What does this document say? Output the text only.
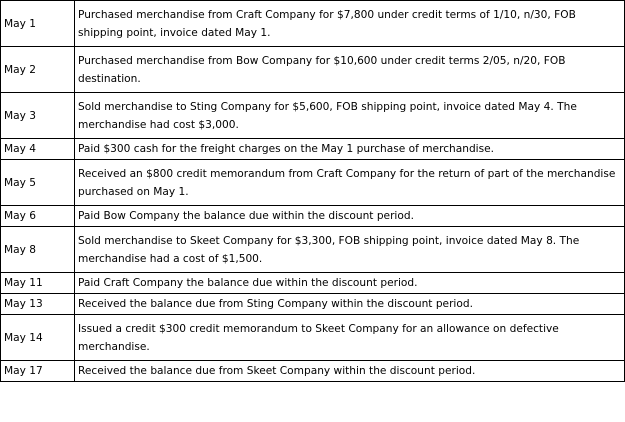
May 1	Purchased merchandise from Craft Company for $7,800 under credit terms of 1/10, n/30, FOB shipping point, invoice dated May 1.
May 2	Purchased merchandise from Bow Company for $10,600 under credit terms 2/05, n/20, FOB destination.
May 3	Sold merchandise to Sting Company for $5,600, FOB shipping point, invoice dated May 4. The merchandise had cost $3,000.
May 4	Paid $300 cash for the freight charges on the May 1 purchase of merchandise.
May 5	Received an $800 credit memorandum from Craft Company for the return of part of the merchandise purchased on May 1.
May 6	Paid Bow Company the balance due within the discount period.
May 8	Sold merchandise to Skeet Company for $3,300, FOB shipping point, invoice dated May 8. The merchandise had a cost of $1,500.
May 11	Paid Craft Company the balance due within the discount period.
May 13	Received the balance due from Sting Company within the discount period.
May 14	Issued a credit $300 credit memorandum to Skeet Company for an allowance on defective merchandise.
May 17	Received the balance due from Skeet Company within the discount period.
